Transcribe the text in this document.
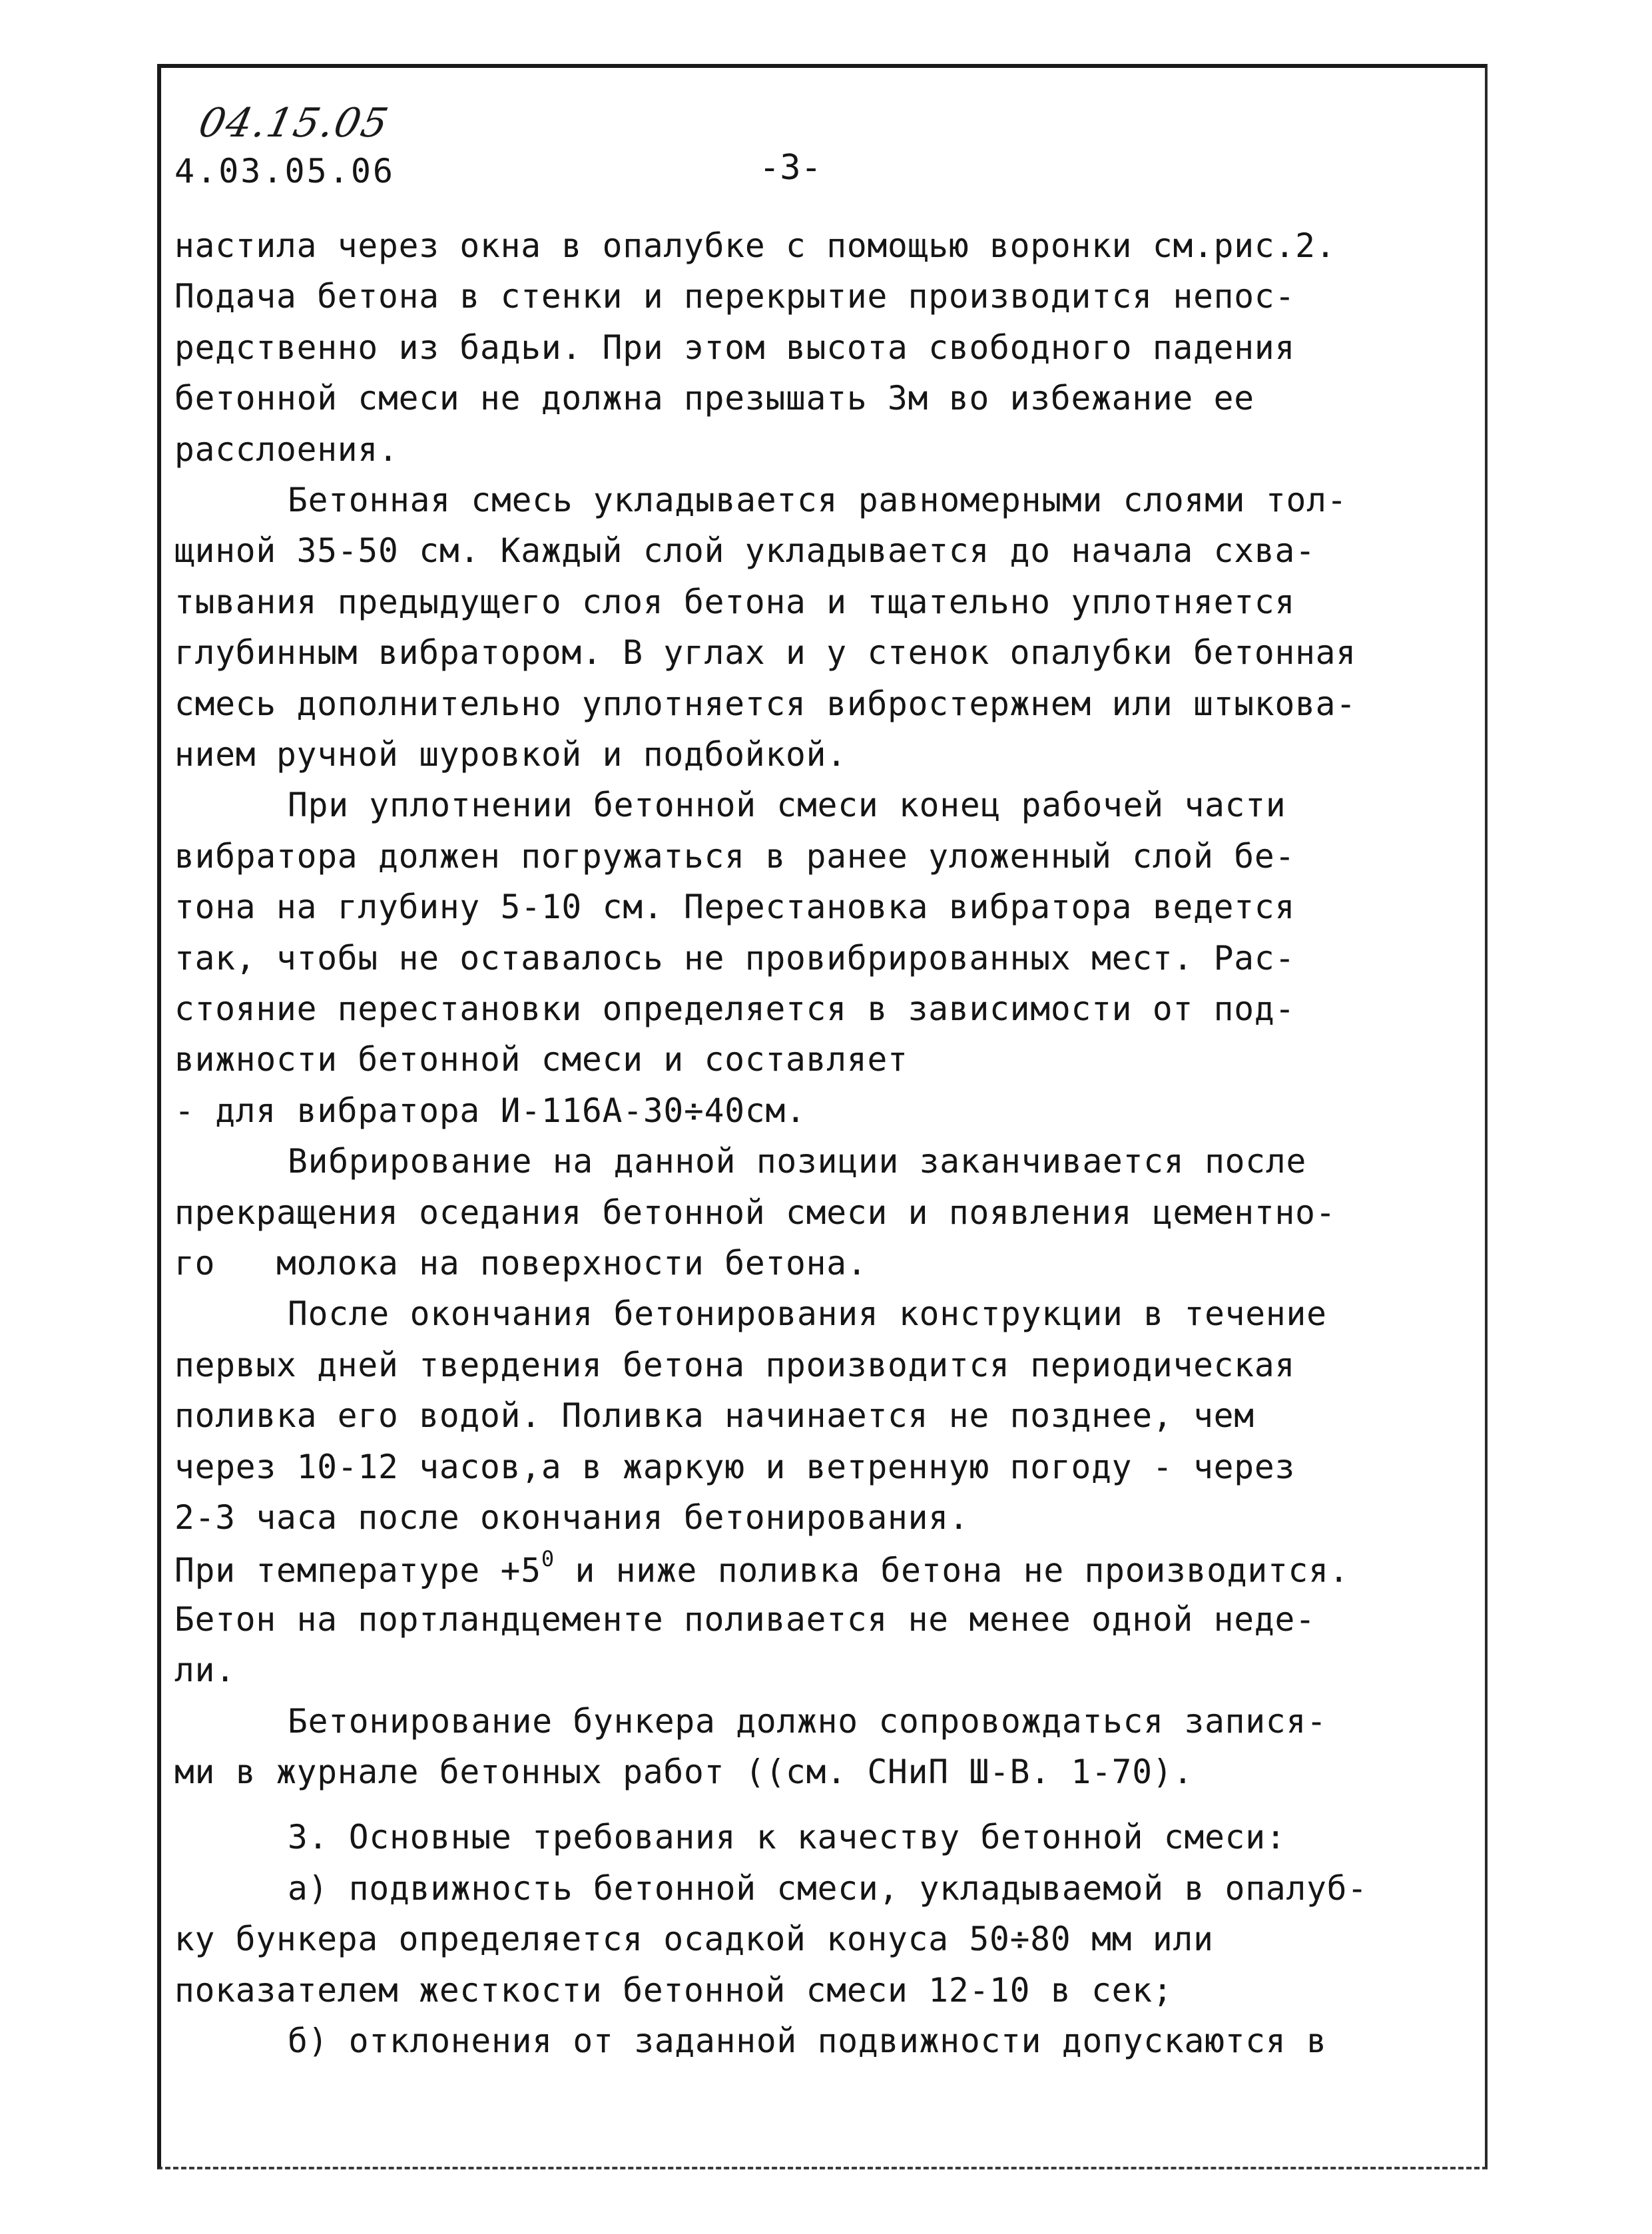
04.15.05
4.03.05.06	-3-
настила через окна в опалубке с помощью воронки см.рис.2.
Подача бетона в стенки и перекрытие производится непос-
редственно из бадьи. При этом высота свободного падения
бетонной смеси не должна презышать 3м во избежание ее
расслоения.
Бетонная смесь укладывается равномерными слоями тол-
щиной 35-50 см. Каждый слой укладывается до начала схва-
тывания предыдущего слоя бетона и тщательно уплотняется
глубинным вибратором. В углах и у стенок опалубки бетонная
смесь дополнительно уплотняется вибростержнем или штыкова-
нием ручной шуровкой и подбойкой.
При уплотнении бетонной смеси конец рабочей части
вибратора должен погружаться в ранее уложенный слой бе-
тона на глубину 5-10 см. Перестановка вибратора ведется
так, чтобы не оставалось не провибрированных мест. Рас-
стояние перестановки определяется в зависимости от под-
вижности бетонной смеси и составляет
- для вибратора И-116А-30÷40см.
Вибрирование на данной позиции заканчивается после
прекращения оседания бетонной смеси и появления цементно-
го   молока на поверхности бетона.
После окончания бетонирования конструкции в течение
первых дней твердения бетона производится периодическая
поливка его водой. Поливка начинается не позднее, чем
через 10-12 часов,а в жаркую и ветренную погоду - через
2-3 часа после окончания бетонирования.
При температуре $+5^0$ и ниже поливка бетона не производится.
Бетон на портландцементе поливается не менее одной неде-
ли.
Бетонирование бункера должно сопровождаться запися-
ми в журнале бетонных работ ((см. СНиП Ш-В. 1-70).
3. Основные требования к качеству бетонной смеси:
а) подвижность бетонной смеси, укладываемой в опалуб-
ку бункера определяется осадкой конуса 50÷80 мм или
показателем жесткости бетонной смеси 12-10 в сек;
б) отклонения от заданной подвижности допускаются в
